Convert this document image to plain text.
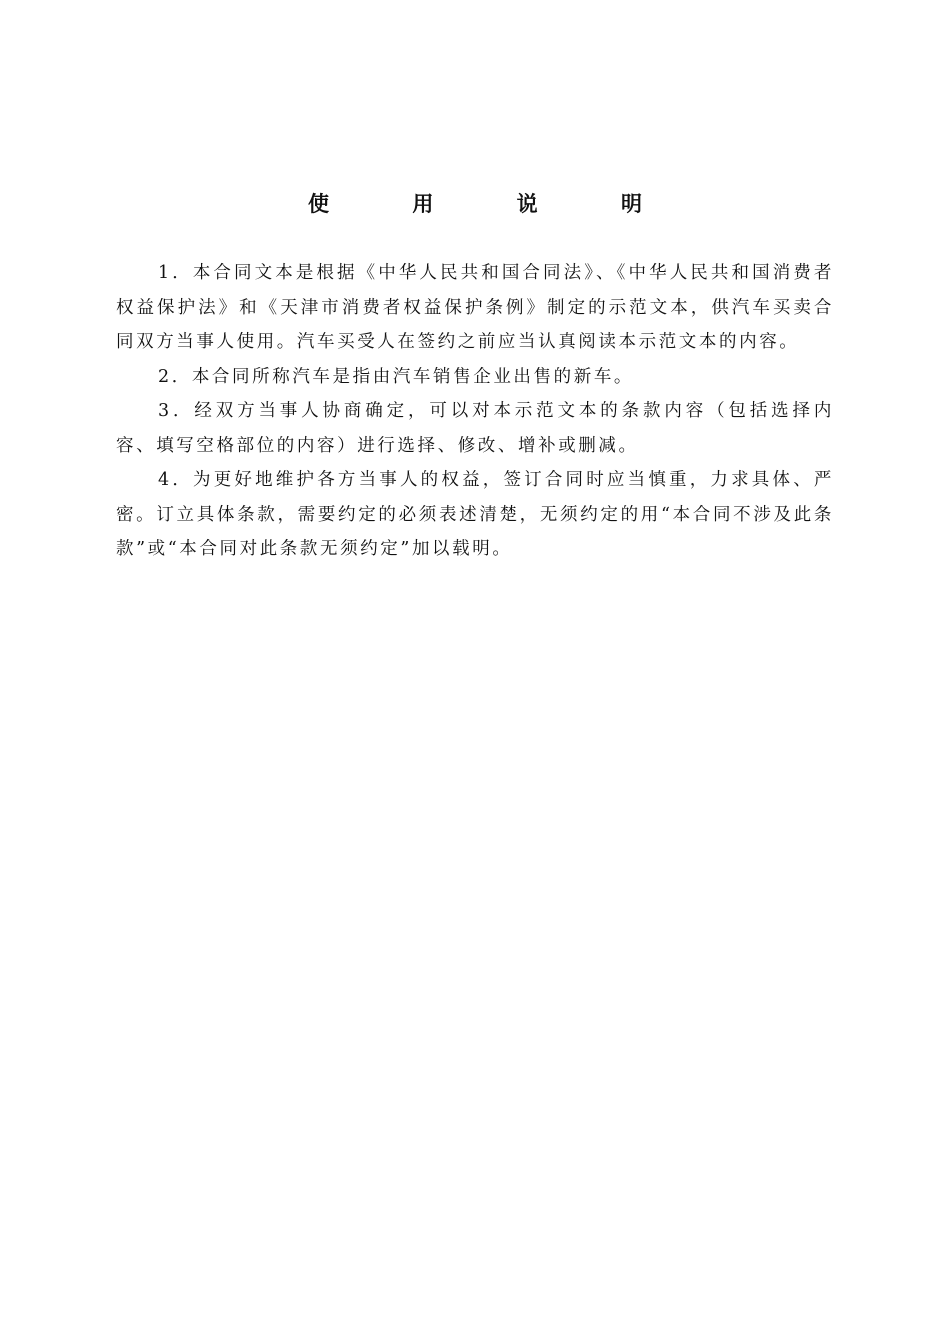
使 用 说 明

1．本合同文本是根据《中华人民共和国合同法》、《中华人民共和国消费者权益保护法》和《天津市消费者权益保护条例》制定的示范文本，供汽车买卖合同双方当事人使用。汽车买受人在签约之前应当认真阅读本示范文本的内容。

2．本合同所称汽车是指由汽车销售企业出售的新车。

3．经双方当事人协商确定，可以对本示范文本的条款内容（包括选择内容、填写空格部位的内容）进行选择、修改、增补或删减。

4．为更好地维护各方当事人的权益，签订合同时应当慎重，力求具体、严密。订立具体条款，需要约定的必须表述清楚，无须约定的用“本合同不涉及此条款”或“本合同对此条款无须约定”加以载明。
